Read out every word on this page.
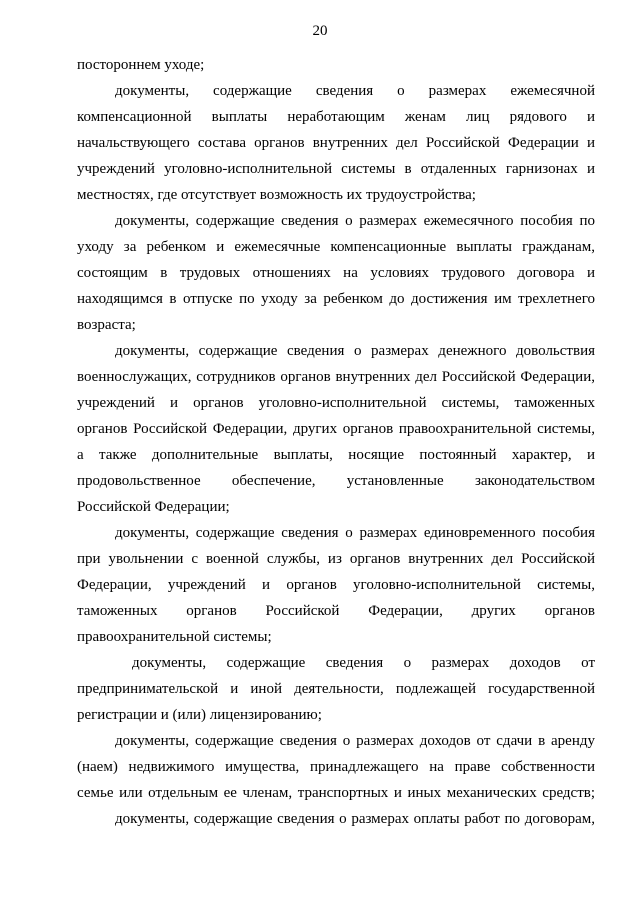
20
постороннем уходе;
документы, содержащие сведения о размерах ежемесячной
компенсационной выплаты неработающим женам лиц рядового и
начальствующего состава органов внутренних дел Российской Федерации и
учреждений уголовно-исполнительной системы в отдаленных гарнизонах и
местностях, где отсутствует возможность их трудоустройства;
документы, содержащие сведения о размерах ежемесячного пособия по
уходу за ребенком и ежемесячные компенсационные выплаты гражданам,
состоящим в трудовых отношениях на условиях трудового договора и
находящимся в отпуске по уходу за ребенком до достижения им трехлетнего
возраста;
документы, содержащие сведения о размерах денежного довольствия
военнослужащих, сотрудников органов внутренних дел Российской Федерации,
учреждений и органов уголовно-исполнительной системы, таможенных
органов Российской Федерации, других органов правоохранительной системы,
а также дополнительные выплаты, носящие постоянный характер, и
продовольственное обеспечение, установленные законодательством
Российской Федерации;
документы, содержащие сведения о размерах единовременного пособия
при увольнении с военной службы, из органов внутренних дел Российской
Федерации, учреждений и органов уголовно-исполнительной системы,
таможенных органов Российской Федерации, других органов
правоохранительной системы;
документы, содержащие сведения о размерах доходов от
предпринимательской и иной деятельности, подлежащей государственной
регистрации и (или) лицензированию;
документы, содержащие сведения о размерах доходов от сдачи в аренду
(наем) недвижимого имущества, принадлежащего на праве собственности
семье или отдельным ее членам, транспортных и иных механических средств;
документы, содержащие сведения о размерах оплаты работ по договорам,
